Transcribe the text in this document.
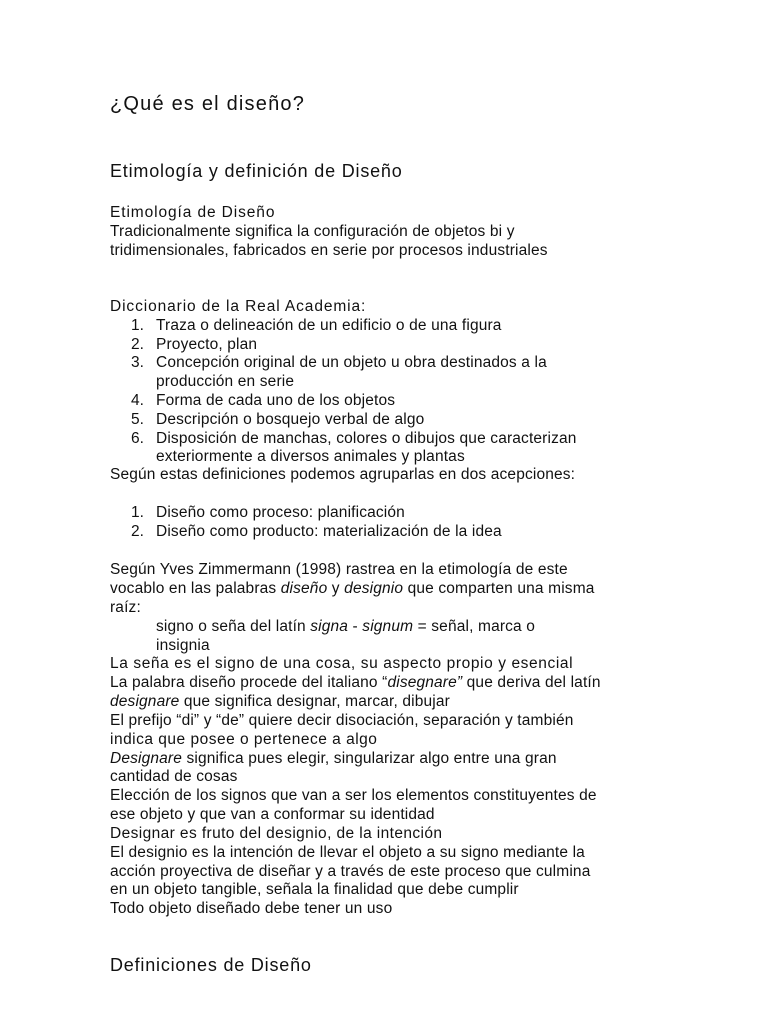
¿Qué es el diseño?
Etimología y definición de Diseño
Etimología de Diseño
Tradicionalmente significa la configuración de objetos bi y
tridimensionales, fabricados en serie por procesos industriales
Diccionario de la Real Academia:
1. Traza o delineación de un edificio o de una figura
2. Proyecto, plan
3. Concepción original de un objeto u obra destinados a la
producción en serie
4. Forma de cada uno de los objetos
5. Descripción o bosquejo verbal de algo
6. Disposición de manchas, colores o dibujos que caracterizan
exteriormente a diversos animales y plantas
Según estas definiciones podemos agruparlas en dos acepciones:
1. Diseño como proceso: planificación
2. Diseño como producto: materialización de la idea
Según Yves Zimmermann (1998) rastrea en la etimología de este
vocablo en las palabras diseño y designio que comparten una misma
raíz:
signo o seña del latín signa - signum = señal, marca o
insignia
La seña es el signo de una cosa, su aspecto propio y esencial
La palabra diseño procede del italiano “disegnare” que deriva del latín
designare que significa designar, marcar, dibujar
El prefijo “di” y “de” quiere decir disociación, separación y también
indica que posee o pertenece a algo
Designare significa pues elegir, singularizar algo entre una gran
cantidad de cosas
Elección de los signos que van a ser los elementos constituyentes de
ese objeto y que van a conformar su identidad
Designar es fruto del designio, de la intención
El designio es la intención de llevar el objeto a su signo mediante la
acción proyectiva de diseñar y a través de este proceso que culmina
en un objeto tangible, señala la finalidad que debe cumplir
Todo objeto diseñado debe tener un uso
Definiciones de Diseño
